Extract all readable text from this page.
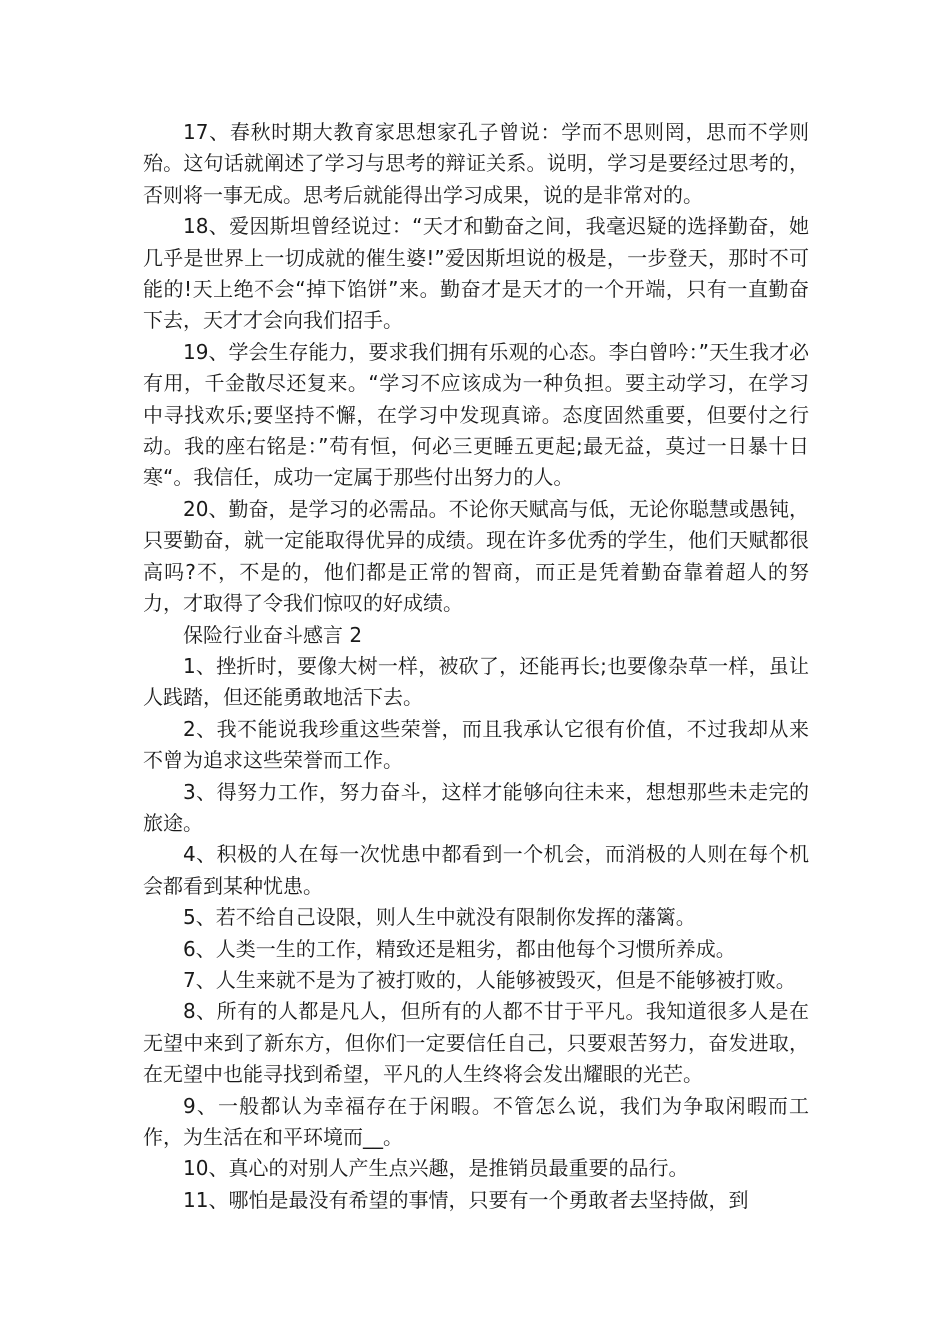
17、春秋时期大教育家思想家孔子曾说：学而不思则罔，思而不学则殆。这句话就阐述了学习与思考的辩证关系。说明，学习是要经过思考的，否则将一事无成。思考后就能得出学习成果，说的是非常对的。

18、爱因斯坦曾经说过：“天才和勤奋之间，我毫迟疑的选择勤奋，她几乎是世界上一切成就的催生婆!”爱因斯坦说的极是，一步登天，那时不可能的!天上绝不会“掉下馅饼”来。勤奋才是天才的一个开端，只有一直勤奋下去，天才才会向我们招手。

19、学会生存能力，要求我们拥有乐观的心态。李白曾吟：”天生我才必有用，千金散尽还复来。“学习不应该成为一种负担。要主动学习，在学习中寻找欢乐;要坚持不懈，在学习中发现真谛。态度固然重要，但要付之行动。我的座右铭是：”苟有恒，何必三更睡五更起;最无益，莫过一日暴十日寒“。我信任，成功一定属于那些付出努力的人。

20、勤奋，是学习的必需品。不论你天赋高与低，无论你聪慧或愚钝，只要勤奋，就一定能取得优异的成绩。现在许多优秀的学生，他们天赋都很高吗?不，不是的，他们都是正常的智商，而正是凭着勤奋靠着超人的努力，才取得了令我们惊叹的好成绩。

保险行业奋斗感言 2

1、挫折时，要像大树一样，被砍了，还能再长;也要像杂草一样，虽让人践踏，但还能勇敢地活下去。

2、我不能说我珍重这些荣誉，而且我承认它很有价值，不过我却从来不曾为追求这些荣誉而工作。

3、得努力工作，努力奋斗，这样才能够向往未来，想想那些未走完的旅途。

4、积极的人在每一次忧患中都看到一个机会，而消极的人则在每个机会都看到某种忧患。

5、若不给自己设限，则人生中就没有限制你发挥的藩篱。

6、人类一生的工作，精致还是粗劣，都由他每个习惯所养成。

7、人生来就不是为了被打败的，人能够被毁灭，但是不能够被打败。

8、所有的人都是凡人，但所有的人都不甘于平凡。我知道很多人是在无望中来到了新东方，但你们一定要信任自己，只要艰苦努力，奋发进取，在无望中也能寻找到希望，平凡的人生终将会发出耀眼的光芒。

9、一般都认为幸福存在于闲暇。不管怎么说，我们为争取闲暇而工作，为生活在和平环境而__。

10、真心的对别人产生点兴趣，是推销员最重要的品行。

11、哪怕是最没有希望的事情，只要有一个勇敢者去坚持做，到
